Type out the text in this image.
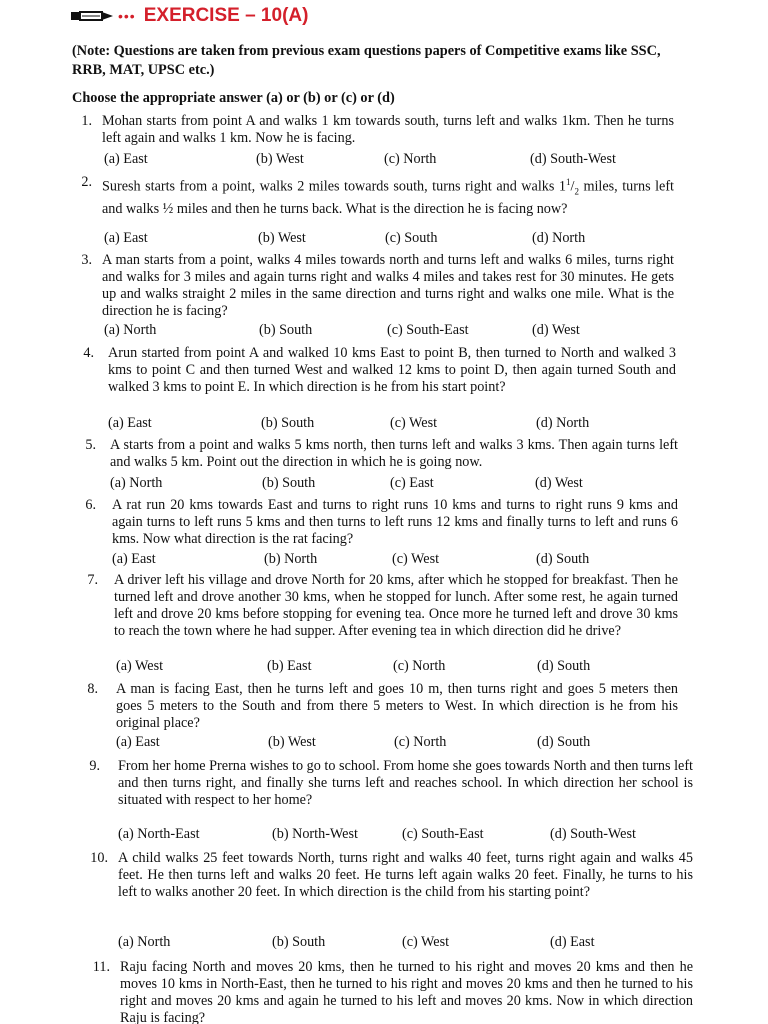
••• EXERCISE – 10(A)
(Note: Questions are taken from previous exam questions papers of Competitive exams like SSC, RRB, MAT, UPSC etc.)
Choose the appropriate answer (a) or (b) or (c) or (d)
1. Mohan starts from point A and walks 1 km towards south, turns left and walks 1km. Then he turns left again and walks 1 km. Now he is facing.
(a) East	(b) West	(c) North	(d) South-West
2. Suresh starts from a point, walks 2 miles towards south, turns right and walks $1^1/_2$ miles, turns left and walks ½ miles and then he turns back. What is the direction he is facing now?
(a) East	(b) West	(c) South	(d) North
3. A man starts from a point, walks 4 miles towards north and turns left and walks 6 miles, turns right and walks for 3 miles and again turns right and walks 4 miles and takes rest for 30 minutes. He gets up and walks straight 2 miles in the same direction and turns right and walks one mile. What is the direction he is facing?
(a) North	(b) South	(c) South-East	(d) West
4. Arun started from point A and walked 10 kms East to point B, then turned to North and walked 3 kms to point C and then turned West and walked 12 kms to point D, then again turned South and walked 3 kms to point E. In which direction is he from his start point?
(a) East	(b) South	(c) West	(d) North
5. A starts from a point and walks 5 kms north, then turns left and walks 3 kms. Then again turns left and walks 5 km. Point out the direction in which he is going now.
(a) North	(b) South	(c) East	(d) West
6. A rat run 20 kms towards East and turns to right runs 10 kms and turns to right runs 9 kms and again turns to left runs 5 kms and then turns to left runs 12 kms and finally turns to left and runs 6 kms. Now what direction is the rat facing?
(a) East	(b) North	(c) West	(d) South
7. A driver left his village and drove North for 20 kms, after which he stopped for breakfast. Then he turned left and drove another 30 kms, when he stopped for lunch. After some rest, he again turned left and drove 20 kms before stopping for evening tea. Once more he turned left and drove 30 kms to reach the town where he had supper. After evening tea in which direction did he drive?
(a) West	(b) East	(c) North	(d) South
8. A man is facing East, then he turns left and goes 10 m, then turns right and goes 5 meters then goes 5 meters to the South and from there 5 meters to West. In which direction is he from his original place?
(a) East	(b) West	(c) North	(d) South
9. From her home Prerna wishes to go to school. From home she goes towards North and then turns left and then turns right, and finally she turns left and reaches school. In which direction her school is situated with respect to her home?
(a) North-East	(b) North-West	(c) South-East	(d) South-West
10. A child walks 25 feet towards North, turns right and walks 40 feet, turns right again and walks 45 feet. He then turns left and walks 20 feet. He turns left again walks 20 feet. Finally, he turns to his left to walks another 20 feet. In which direction is the child from his starting point?
(a) North	(b) South	(c) West	(d) East
11. Raju facing North and moves 20 kms, then he turned to his right and moves 20 kms and then he moves 10 kms in North-East, then he turned to his right and moves 20 kms and then he turned to his right and moves 20 kms and again he turned to his left and moves 20 kms. Now in which direction Raju is facing?
